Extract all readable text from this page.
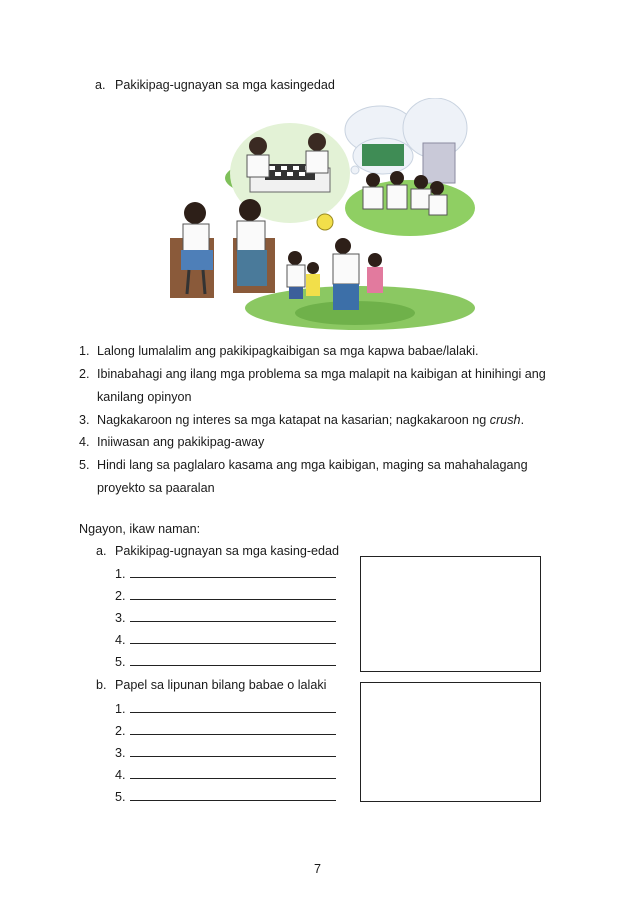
a. Pakikipag-ugnayan sa mga kasingedad
1. Lalong lumalalim ang pakikipagkaibigan sa mga kapwa babae/lalaki.
2. Ibinabahagi ang ilang mga problema sa mga malapit na kaibigan at hinihingi ang
kanilang opinyon
3. Nagkakaroon ng interes sa mga katapat na kasarian; nagkakaroon ng crush.
4. Iniiwasan ang pakikipag-away
5. Hindi lang sa paglalaro kasama ang mga kaibigan, maging sa mahahalagang
proyekto sa paaralan
Ngayon, ikaw naman:
a. Pakikipag-ugnayan sa mga kasing-edad
1.
2.
3.
4.
5.
b. Papel sa lipunan bilang babae o lalaki
1.
2.
3.
4.
5.
7
